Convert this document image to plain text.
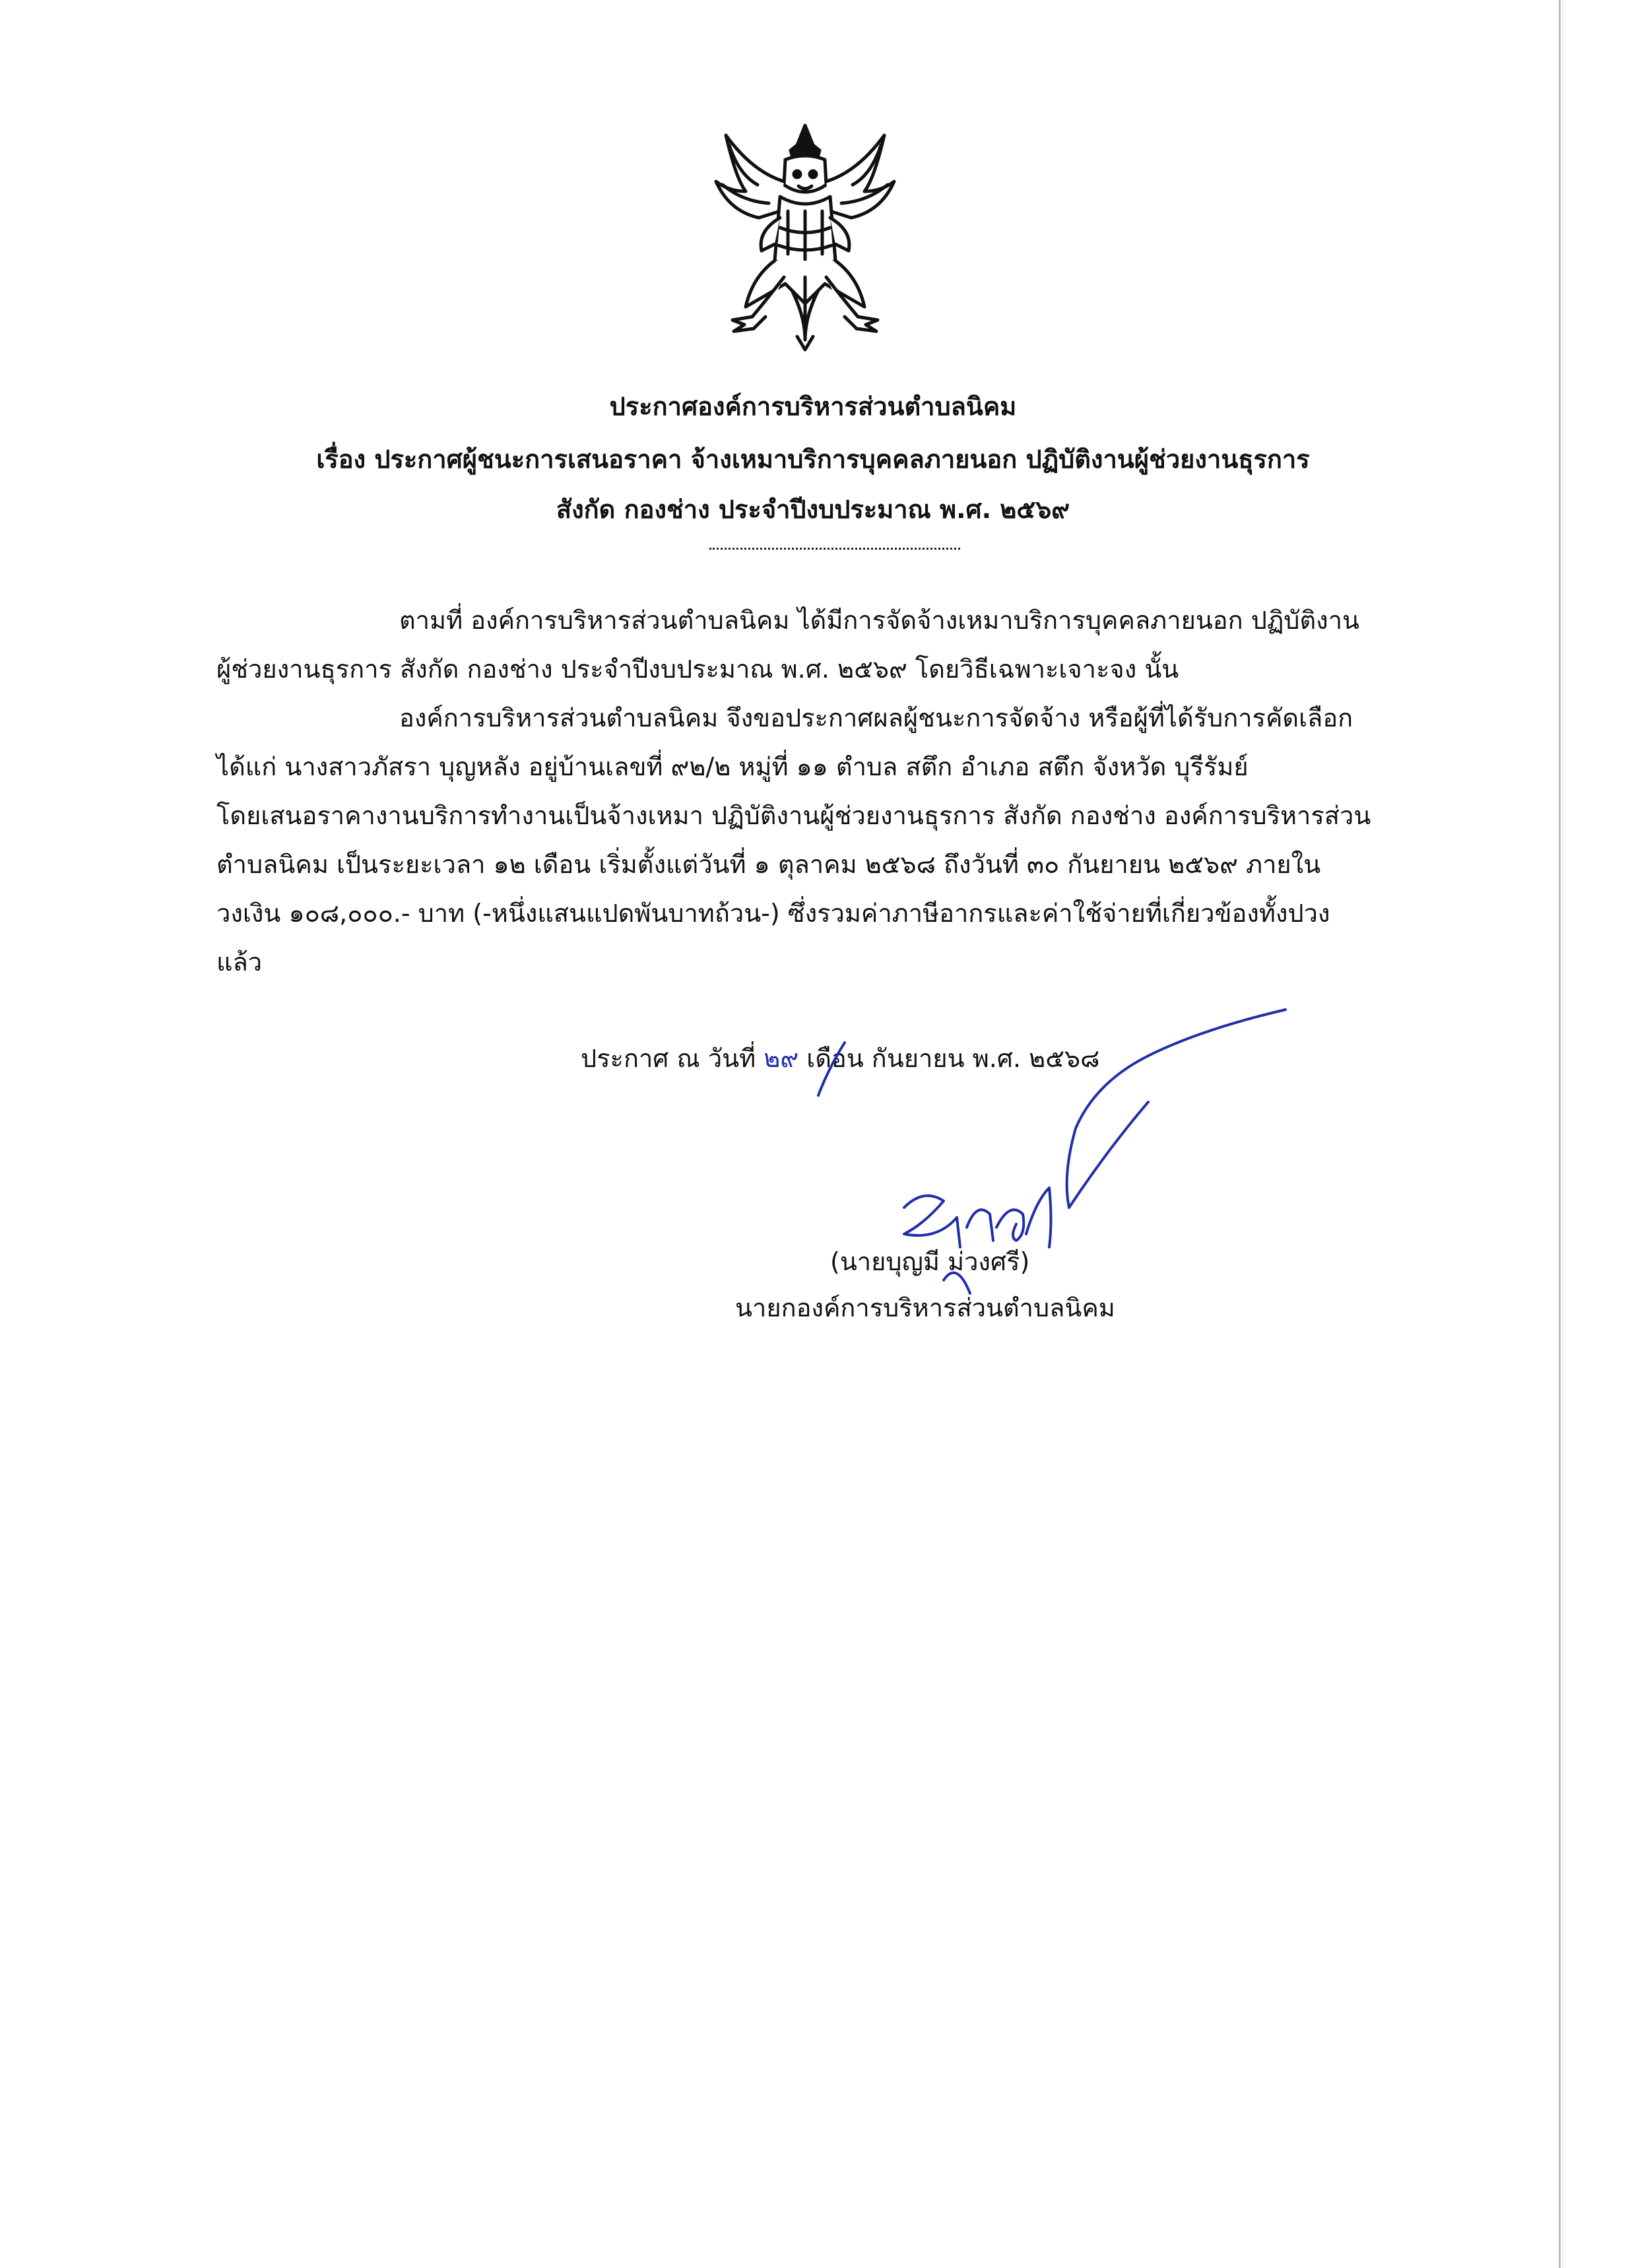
ประกาศองค์การบริหารส่วนตำบลนิคม
เรื่อง ประกาศผู้ชนะการเสนอราคา จ้างเหมาบริการบุคคลภายนอก ปฏิบัติงานผู้ช่วยงานธุรการ
สังกัด กองช่าง ประจำปีงบประมาณ พ.ศ. ๒๕๖๙
ตามที่ องค์การบริหารส่วนตำบลนิคม ได้มีการจัดจ้างเหมาบริการบุคคลภายนอก ปฏิบัติงาน
ผู้ช่วยงานธุรการ สังกัด กองช่าง ประจำปีงบประมาณ พ.ศ. ๒๕๖๙ โดยวิธีเฉพาะเจาะจง นั้น
องค์การบริหารส่วนตำบลนิคม จึงขอประกาศผลผู้ชนะการจัดจ้าง หรือผู้ที่ได้รับการคัดเลือก
ได้แก่ นางสาวภัสรา บุญหลัง อยู่บ้านเลขที่ ๙๒/๒ หมู่ที่ ๑๑ ตำบล สตึก อำเภอ สตึก จังหวัด บุรีรัมย์
โดยเสนอราคางานบริการทำงานเป็นจ้างเหมา ปฏิบัติงานผู้ช่วยงานธุรการ สังกัด กองช่าง องค์การบริหารส่วน
ตำบลนิคม เป็นระยะเวลา ๑๒ เดือน เริ่มตั้งแต่วันที่ ๑ ตุลาคม ๒๕๖๘ ถึงวันที่ ๓๐ กันยายน ๒๕๖๙ ภายใน
วงเงิน ๑๐๘,๐๐๐.- บาท (-หนึ่งแสนแปดพันบาทถ้วน-) ซึ่งรวมค่าภาษีอากรและค่าใช้จ่ายที่เกี่ยวข้องทั้งปวง
แล้ว
ประกาศ ณ วันที่ ๒๙ เดือน กันยายน พ.ศ. ๒๕๖๘
(นายบุญมี ม่วงศรี)
นายกองค์การบริหารส่วนตำบลนิคม
